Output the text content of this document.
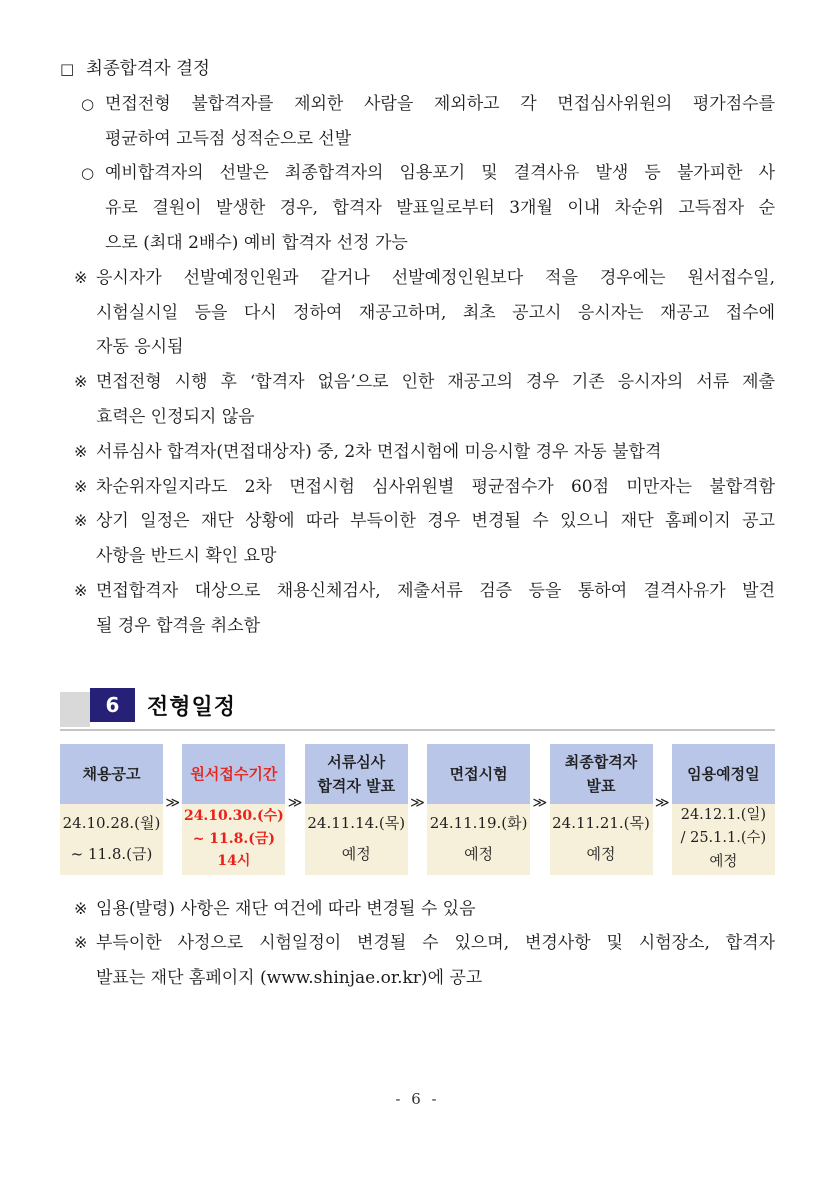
□ 최종합격자 결정
○ 면접전형 불합격자를 제외한 사람을 제외하고 각 면접심사위원의 평가점수를
평균하여 고득점 성적순으로 선발
○ 예비합격자의 선발은 최종합격자의 임용포기 및 결격사유 발생 등 불가피한 사
유로 결원이 발생한 경우, 합격자 발표일로부터 3개월 이내 차순위 고득점자 순
으로 (최대 2배수) 예비 합격자 선정 가능
※ 응시자가 선발예정인원과 같거나 선발예정인원보다 적을 경우에는 원서접수일,
시험실시일 등을 다시 정하여 재공고하며, 최초 공고시 응시자는 재공고 접수에
자동 응시됨
※ 면접전형 시행 후 ‘합격자 없음’으로 인한 재공고의 경우 기존 응시자의 서류 제출
효력은 인정되지 않음
※ 서류심사 합격자(면접대상자) 중, 2차 면접시험에 미응시할 경우 자동 불합격
※ 차순위자일지라도 2차 면접시험 심사위원별 평균점수가 60점 미만자는 불합격함
※ 상기 일정은 재단 상황에 따라 부득이한 경우 변경될 수 있으니 재단 홈페이지 공고
사항을 반드시 확인 요망
※ 면접합격자 대상으로 채용신체검사, 제출서류 검증 등을 통하여 결격사유가 발견
될 경우 합격을 취소함
6 전형일정
채용공고
24.10.28.(월)
~ 11.8.(금)
≫
원서접수기간
24.10.30.(수)
~ 11.8.(금)
14시
≫
서류심사
합격자 발표
24.11.14.(목)
예정
≫
면접시험
24.11.19.(화)
예정
≫
최종합격자
발표
24.11.21.(목)
예정
≫
임용예정일
24.12.1.(일)
/ 25.1.1.(수)
예정
※ 임용(발령) 사항은 재단 여건에 따라 변경될 수 있음
※ 부득이한 사정으로 시험일정이 변경될 수 있으며, 변경사항 및 시험장소, 합격자
발표는 재단 홈페이지 (www.shinjae.or.kr)에 공고
- 6 -
